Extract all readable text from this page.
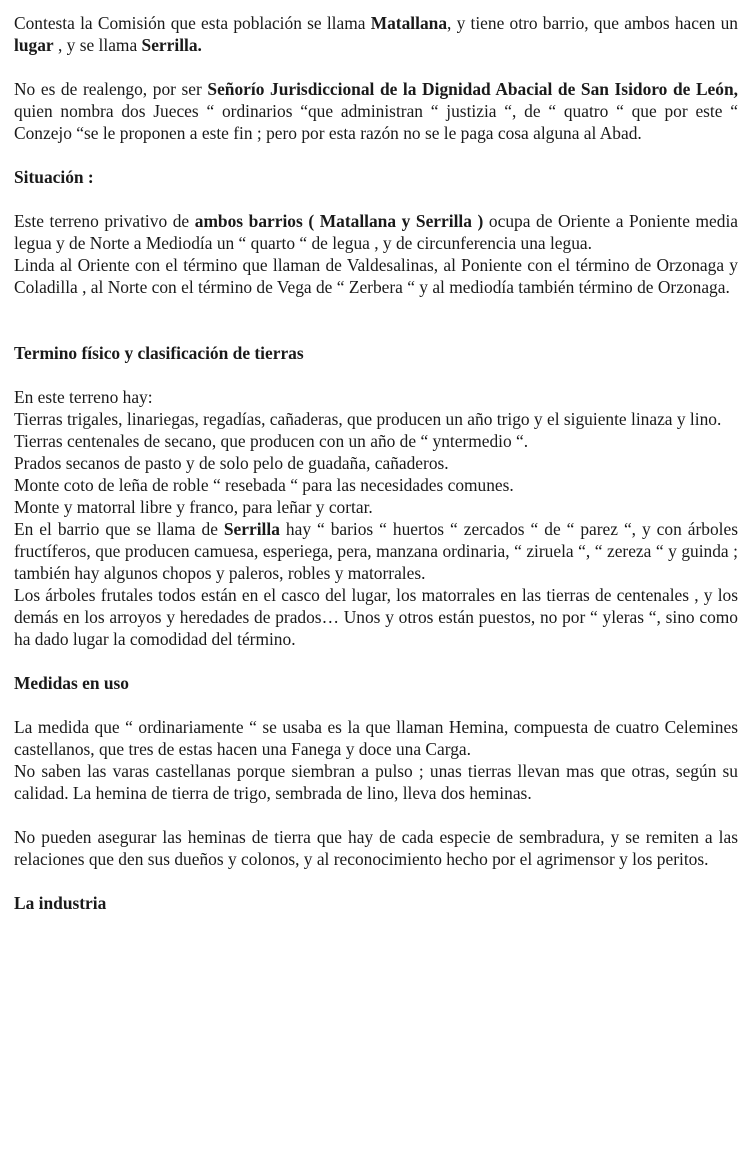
Contesta la Comisión que esta población se llama Matallana, y tiene otro barrio, que ambos hacen un lugar , y se llama Serrilla.

No es de realengo, por ser Señorío Jurisdiccional de la Dignidad Abacial de San Isidoro de León, quien nombra dos Jueces “ ordinarios “que administran “ justizia “, de “ quatro “ que por este “ Conzejo “se le proponen a este fin ; pero por esta razón no se le paga cosa alguna al Abad.

Situación :

Este terreno privativo de ambos barrios ( Matallana y Serrilla ) ocupa de Oriente a Poniente media legua y de Norte a Mediodía un “ quarto “ de legua , y de circunferencia una legua.

Linda al Oriente con el término que llaman de Valdesalinas, al Poniente con el término de Orzonaga y Coladilla , al Norte con el término de Vega de “ Zerbera “ y al mediodía también término de Orzonaga.

Termino físico y clasificación de tierras

En este terreno hay:

Tierras trigales, linariegas, regadías, cañaderas, que producen un año trigo y el siguiente linaza y lino.

Tierras centenales de secano, que producen con un año de “ yntermedio “.

Prados secanos de pasto y de solo pelo de guadaña, cañaderos.

Monte coto de leña de roble “ resebada “ para las necesidades comunes.

Monte y matorral libre y franco, para leñar y cortar.

En el barrio que se llama de Serrilla hay “ barios “ huertos “ zercados “ de “ parez “, y con árboles fructíferos, que producen camuesa, esperiega, pera, manzana ordinaria, “ ziruela “, “ zereza “ y guinda ; también hay algunos chopos y paleros, robles y matorrales.

Los árboles frutales todos están en el casco del lugar, los matorrales en las tierras de centenales , y los demás en los arroyos y heredades de prados… Unos y otros están puestos, no por “ yleras “, sino como ha dado lugar la comodidad del término.

Medidas en uso

La medida que “ ordinariamente “ se usaba es la que llaman Hemina, compuesta de cuatro Celemines castellanos, que tres de estas hacen una Fanega y doce una Carga.

No saben las varas castellanas porque siembran a pulso ; unas tierras llevan mas que otras, según su calidad. La hemina de tierra de trigo, sembrada de lino, lleva dos heminas.

No pueden asegurar las heminas de tierra que hay de cada especie de sembradura, y se remiten a las relaciones que den sus dueños y colonos, y al reconocimiento hecho por el agrimensor y los peritos.

La industria
